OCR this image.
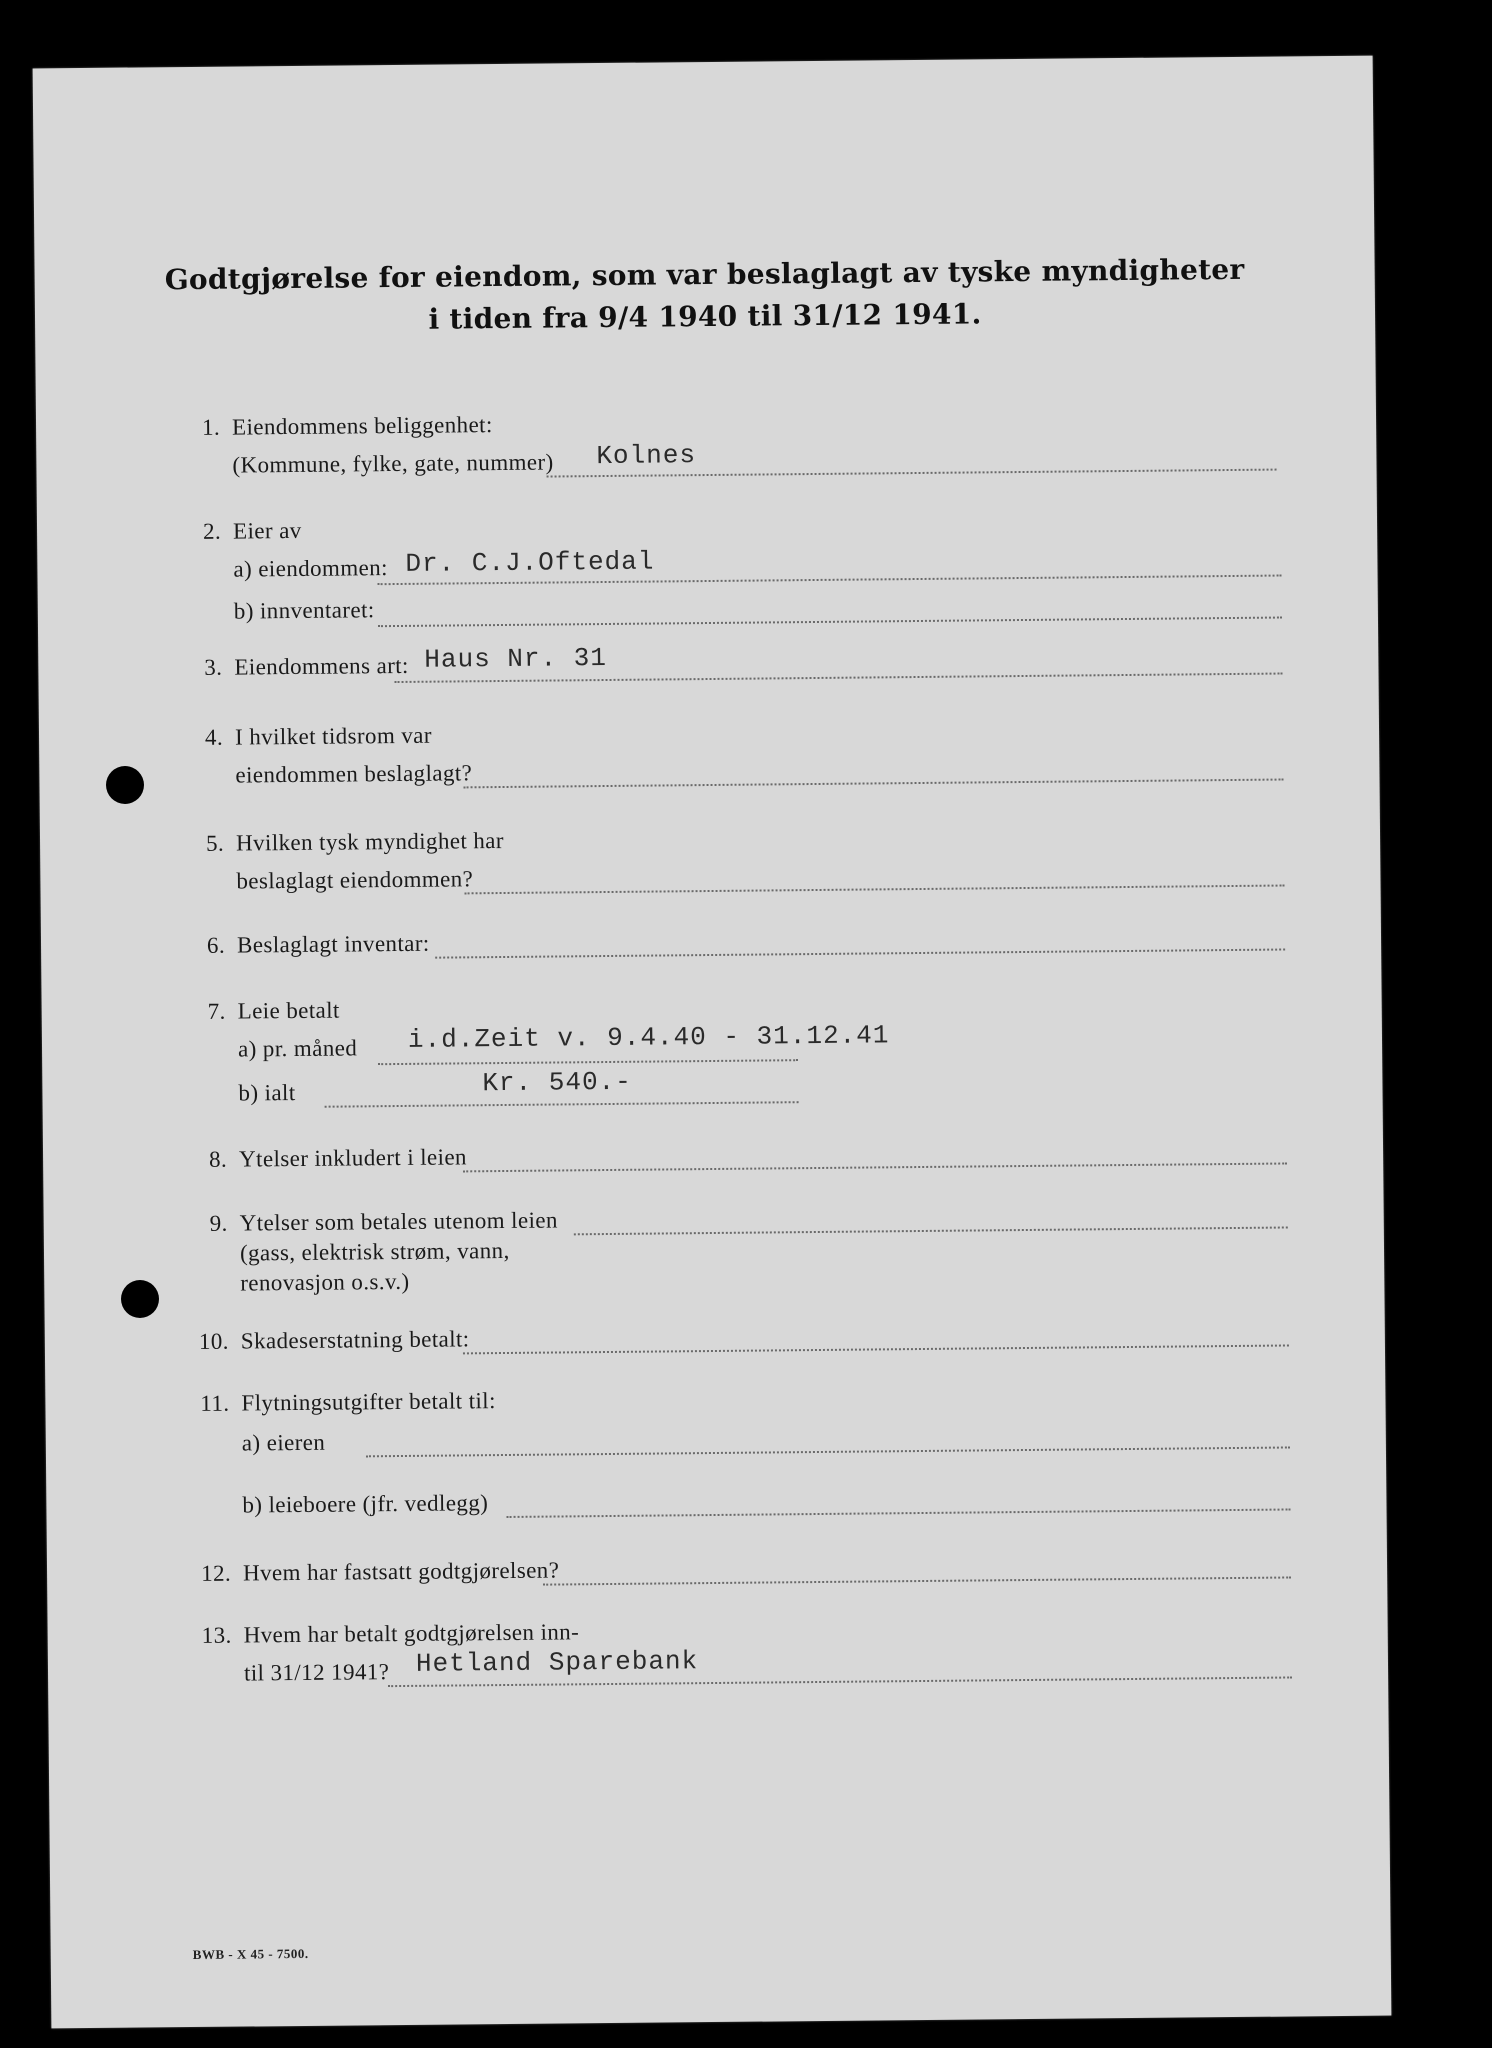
Godtgjørelse for eiendom, som var beslaglagt av tyske myndigheter
i tiden fra 9/4 1940 til 31/12 1941.
1. Eiendommens beliggenhet:
(Kommune, fylke, gate, nummer) Kolnes
2. Eier av
a) eiendommen: Dr. C.J.Oftedal
b) innventaret:
3. Eiendommens art: Haus Nr. 31
4. I hvilket tidsrom var
eiendommen beslaglagt?
5. Hvilken tysk myndighet har
beslaglagt eiendommen?
6. Beslaglagt inventar:
7. Leie betalt
a) pr. måned i.d.Zeit v. 9.4.40 - 31.12.41
b) ialt	Kr. 540.-
8. Ytelser inkludert i leien
9. Ytelser som betales utenom leien
(gass, elektrisk strøm, vann,
renovasjon o.s.v.)
10. Skadeserstatning betalt:
11. Flytningsutgifter betalt til:
a) eieren
b) leieboere (jfr. vedlegg)
12. Hvem har fastsatt godtgjørelsen?
13. Hvem har betalt godtgjørelsen inn-
til 31/12 1941? Hetland Sparebank
BWB - X 45 - 7500.
